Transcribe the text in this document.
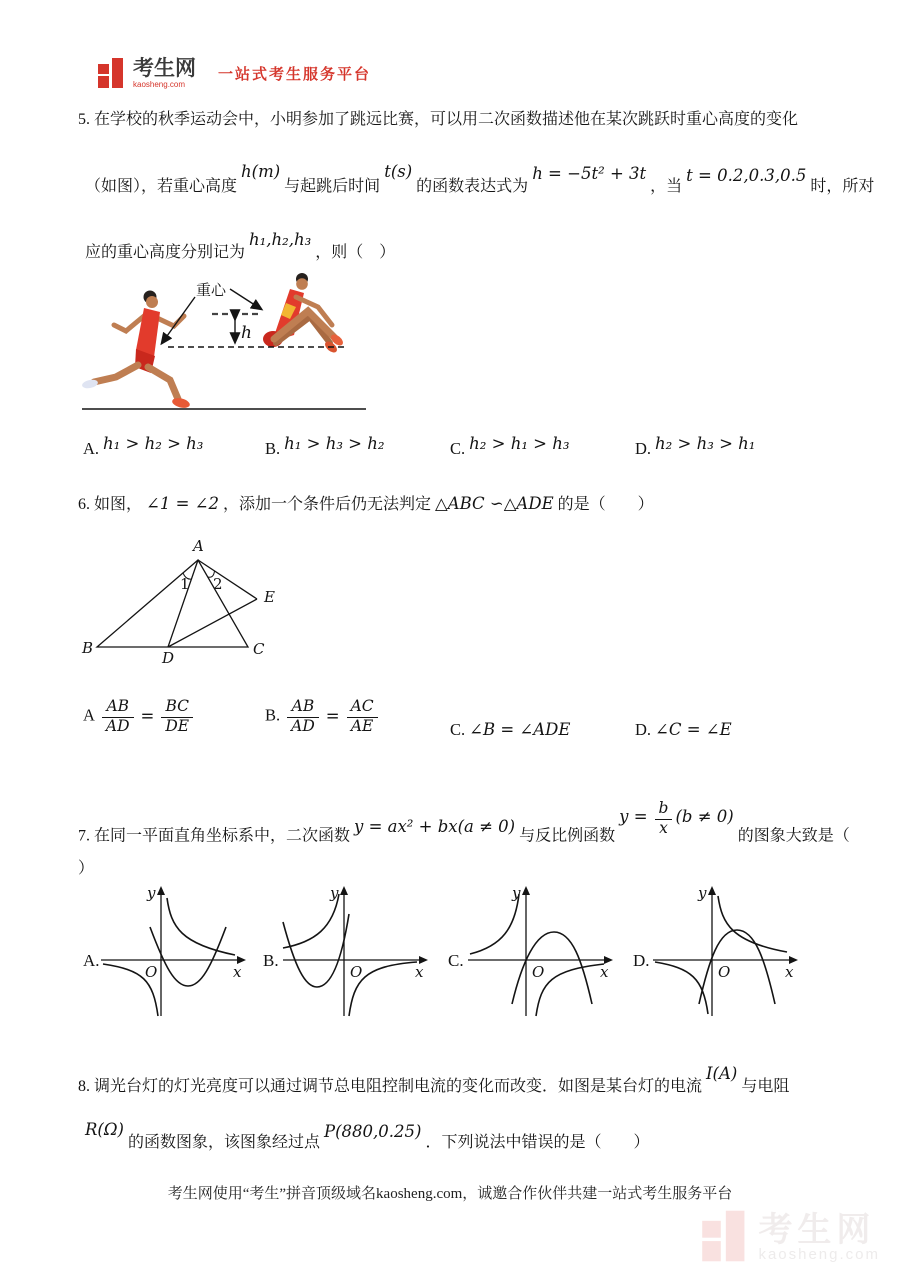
考生网
kaosheng.com
一站式考生服务平台
5. 在学校的秋季运动会中，小明参加了跳远比赛，可以用二次函数描述他在某次跳跃时重心高度的变化
（如图），若重心高度h(m)与起跳后时间t(s)的函数表达式为h = −5t² + 3t，当t = 0.2,0.3,0.5时，所对
应的重心高度分别记为h₁,h₂,h₃，则（　）
h
重心
A. h₁ > h₂ > h₃	B. h₁ > h₃ > h₂	C. h₂ > h₁ > h₃	D. h₂ > h₃ > h₁
6. 如图， ∠1 = ∠2 ，添加一个条件后仍无法判定 △ABC ∽△ADE 的是（　　）
A
B	C
D
E
1 2
A $\frac{AB}{AD} = \frac{BC}{DE}$	B. $\frac{AB}{AD} = \frac{AC}{AE}$	C. ∠B = ∠ADE	D. ∠C = ∠E
7. 在同一平面直角坐标系中，二次函数 y = ax² + bx(a ≠ 0) 与反比例函数$y = \frac{b}{x} (b \ne 0)$的图象大致是（
）
A.	B.	C.	D.
y
x
O
y
x
O
y
x
O
y
x
O
8. 调光台灯的灯光亮度可以通过调节总电阻控制电流的变化而改变．如图是某台灯的电流I(A)与电阻
R(Ω)的函数图象，该图象经过点P(880,0.25)．下列说法中错误的是（　　）
考生网使用“考生”拼音顶级域名kaosheng.com，诚邀合作伙伴共建一站式考生服务平台
考生网
kaosheng.com
